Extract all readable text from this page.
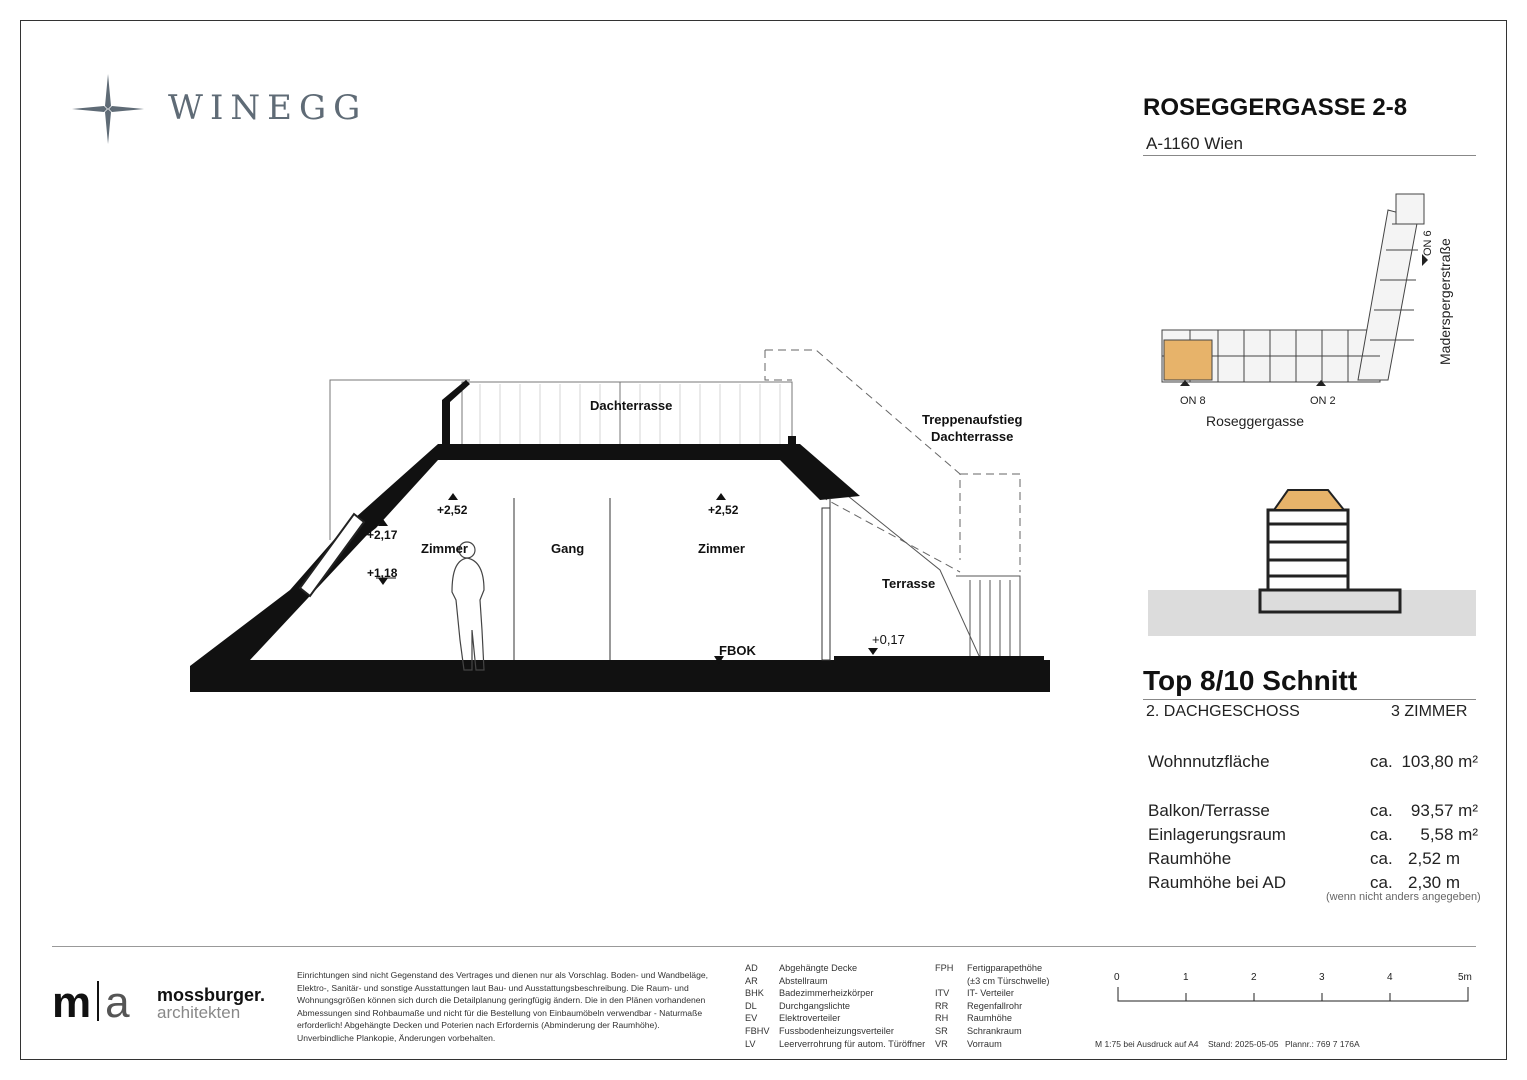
WINEGG	ROSEGGERGASSE 2-8
A-1160 Wien
ON 8	ON 2
ON 6
Roseggergasse
Maderspergerstraße
Dachterrasse
Treppenaufstieg
Dachterrasse
Zimmer	Gang	Zimmer
Terrasse
+2,52	+2,52
+2,17
+1,18
+0,17
FBOK
Top 8/10 Schnitt
2. DACHGESCHOSS	3 ZIMMER
Wohnnutzfläche	ca. 103,80 m²
Balkon/Terrasse	ca. 93,57 m²
Einlagerungsraum	ca. 5,58 m²
Raumhöhe	ca. 2,52 m
Raumhöhe bei AD	ca. 2,30 m
(wenn nicht anders angegeben)
m a mossburger.
architekten
Einrichtungen sind nicht Gegenstand des Vertrages und dienen nur als Vorschlag. Boden- und Wandbeläge, Elektro-, Sanitär- und sonstige Ausstattungen laut Bau- und Ausstattungsbeschreibung. Die Raum- und Wohnungsgrößen können sich durch die Detailplanung geringfügig ändern. Die in den Plänen vorhandenen Abmessungen sind Rohbaumaße und nicht für die Bestellung von Einbaumöbeln verwendbar - Naturmaße erforderlich! Abgehängte Decken und Poterien nach Erfordernis (Abminderung der Raumhöhe). Unverbindliche Plankopie, Änderungen vorbehalten.
AD Abgehängte Decke
AR Abstellraum
BHK Badezimmerheizkörper
DL Durchgangslichte
EV Elektroverteiler
FBHV Fussbodenheizungsverteiler
LV	Leerverrohrung für autom. Türöffner
FPH Fertigparapethöhe
(±3 cm Türschwelle)
ITV IT- Verteiler
RR Regenfallrohr
RH Raumhöhe
SR Schrankraum
VR Vorraum
0	1	2	3	4	5m
M 1:75 bei Ausdruck auf A4 Stand: 2025-05-05 Plannr.: 769 7 176A
